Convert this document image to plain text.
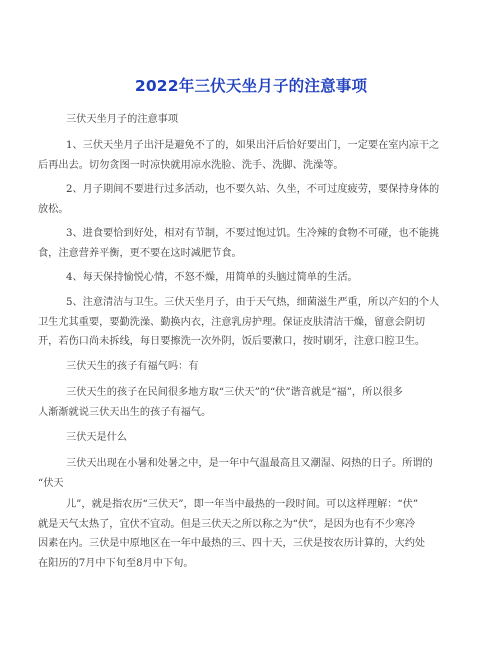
2022年三伏天坐月子的注意事项
三伏天坐月子的注意事项
1、三伏天坐月子出汗是避免不了的，如果出汗后恰好要出门，一定要在室内凉干之
后再出去。切勿贪图一时凉快就用凉水洗脸、洗手、洗脚、洗澡等。
2、月子期间不要进行过多活动，也不要久站、久坐，不可过度疲劳，要保持身体的
放松。
3、进食要恰到好处，相对有节制，不要过饱过饥。生冷辣的食物不可碰，也不能挑
食，注意营养平衡，更不要在这时减肥节食。
4、每天保持愉悦心情，不怒不燥，用简单的头脑过简单的生活。
5、注意清洁与卫生。三伏天坐月子，由于天气热，细菌滋生严重，所以产妇的个人
卫生尤其重要，要勤洗澡、勤换内衣，注意乳房护理。保证皮肤清洁干燥，留意会阴切
开，若伤口尚未拆线，每日要擦洗一次外阴，饭后要漱口，按时刷牙，注意口腔卫生。
三伏天生的孩子有福气吗：有
三伏天生的孩子在民间很多地方取“三伏天”的“伏”谐音就是“福”，所以很多
人渐渐就说三伏天出生的孩子有福气。
三伏天是什么
三伏天出现在小暑和处暑之中，是一年中气温最高且又潮湿、闷热的日子。所谓的
“伏天
儿”，就是指农历“三伏天”，即一年当中最热的一段时间。可以这样理解：“伏”
就是天气太热了，宜伏不宜动。但是三伏天之所以称之为“伏”，是因为也有不少寒冷
因素在内。三伏是中原地区在一年中最热的三、四十天，三伏是按农历计算的，大约处
在阳历的7月中下旬至8月中下旬。
